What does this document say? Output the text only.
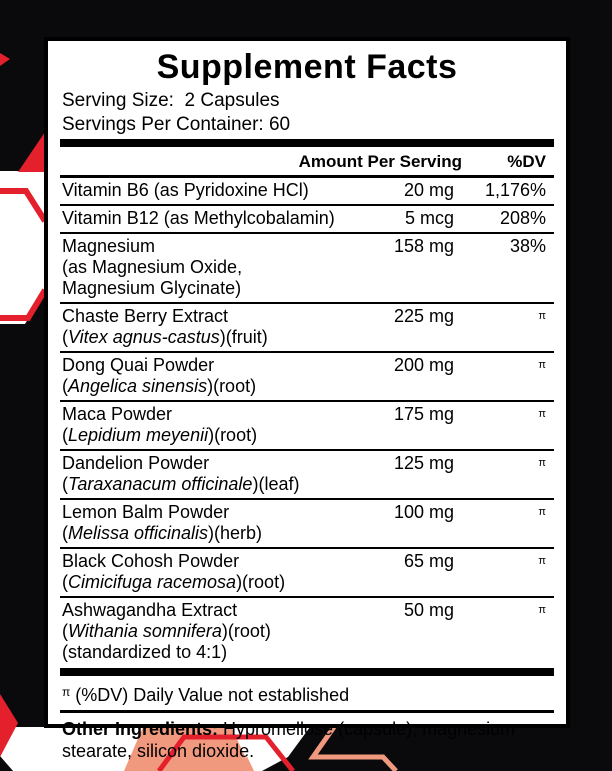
Supplement Facts
Serving Size:  2 Capsules
Servings Per Container: 60
Amount Per Serving	%DV
Vitamin B6 (as Pyridoxine HCl)	20 mg	1,176%
Vitamin B12 (as Methylcobalamin)	5 mcg	208%
Magnesium
(as Magnesium Oxide,
Magnesium Glycinate)
158 mg	38%
Chaste Berry Extract
(Vitex agnus-castus)(fruit)
225 mg	$^\pi$
Dong Quai Powder
(Angelica sinensis)(root)
200 mg	$^\pi$
Maca Powder
(Lepidium meyenii)(root)
175 mg	$^\pi$
Dandelion Powder
(Taraxanacum officinale)(leaf)
125 mg	$^\pi$
Lemon Balm Powder
(Melissa officinalis)(herb)
100 mg	$^\pi$
Black Cohosh Powder
(Cimicifuga racemosa)(root)
65 mg	$^\pi$
Ashwagandha Extract
(Withania somnifera)(root)
(standardized to 4:1)
50 mg	$^\pi$
$^\pi$ (%DV) Daily Value not established
Other Ingredients: Hypromellose (capsule), magnesium stearate, silicon dioxide.
